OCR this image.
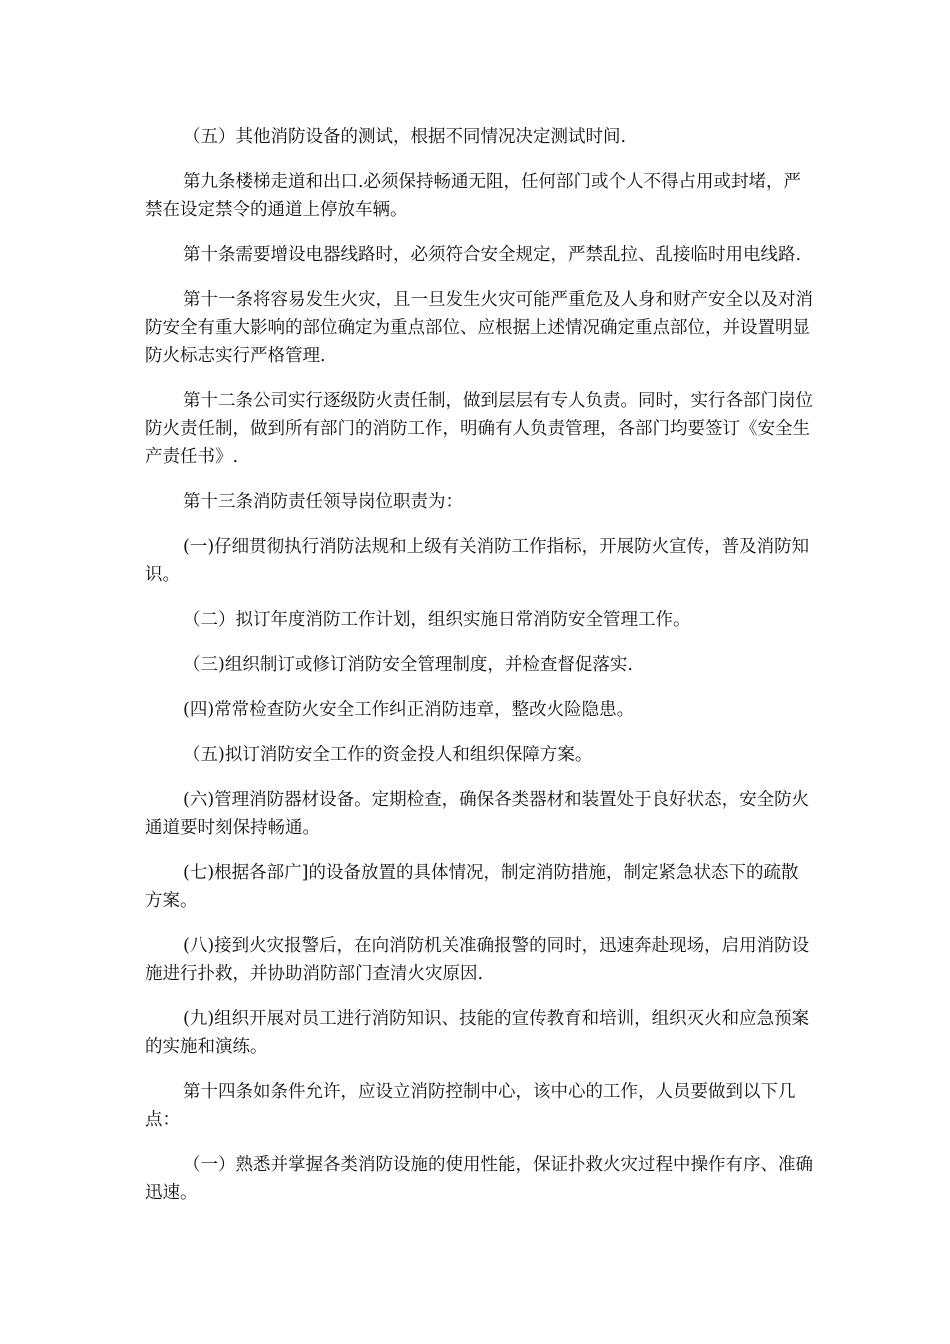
（五）其他消防设备的测试，根据不同情况决定测试时间.

第九条楼梯走道和出口.必须保持畅通无阻，任何部门或个人不得占用或封堵，严禁在设定禁令的通道上停放车辆。

第十条需要增设电器线路时，必须符合安全规定，严禁乱拉、乱接临时用电线路.

第十一条将容易发生火灾，且一旦发生火灾可能严重危及人身和财产安全以及对消防安全有重大影响的部位确定为重点部位、应根据上述情况确定重点部位，并设置明显防火标志实行严格管理.

第十二条公司实行逐级防火责任制，做到层层有专人负责。同时，实行各部门岗位防火责任制，做到所有部门的消防工作，明确有人负责管理，各部门均要签订《安全生产责任书》.

第十三条消防责任领导岗位职责为：

(一)仔细贯彻执行消防法规和上级有关消防工作指标，开展防火宣传，普及消防知识。

（二）拟订年度消防工作计划，组织实施日常消防安全管理工作。

（三)组织制订或修订消防安全管理制度，并检查督促落实.

(四)常常检查防火安全工作纠正消防违章，整改火险隐患。

（五)拟订消防安全工作的资金投人和组织保障方案。

(六)管理消防器材设备。定期检查，确保各类器材和装置处于良好状态，安全防火通道要时刻保持畅通。

(七)根据各部广]的设备放置的具体情况，制定消防措施，制定紧急状态下的疏散方案。

(八)接到火灾报警后，在向消防机关准确报警的同时，迅速奔赴现场，启用消防设施进行扑救，并协助消防部门查清火灾原因.

(九)组织开展对员工进行消防知识、技能的宣传教育和培训，组织灭火和应急预案的实施和演练。

第十四条如条件允许，应设立消防控制中心，该中心的工作，人员要做到以下几点：

（一）熟悉并掌握各类消防设施的使用性能，保证扑救火灾过程中操作有序、准确迅速。
